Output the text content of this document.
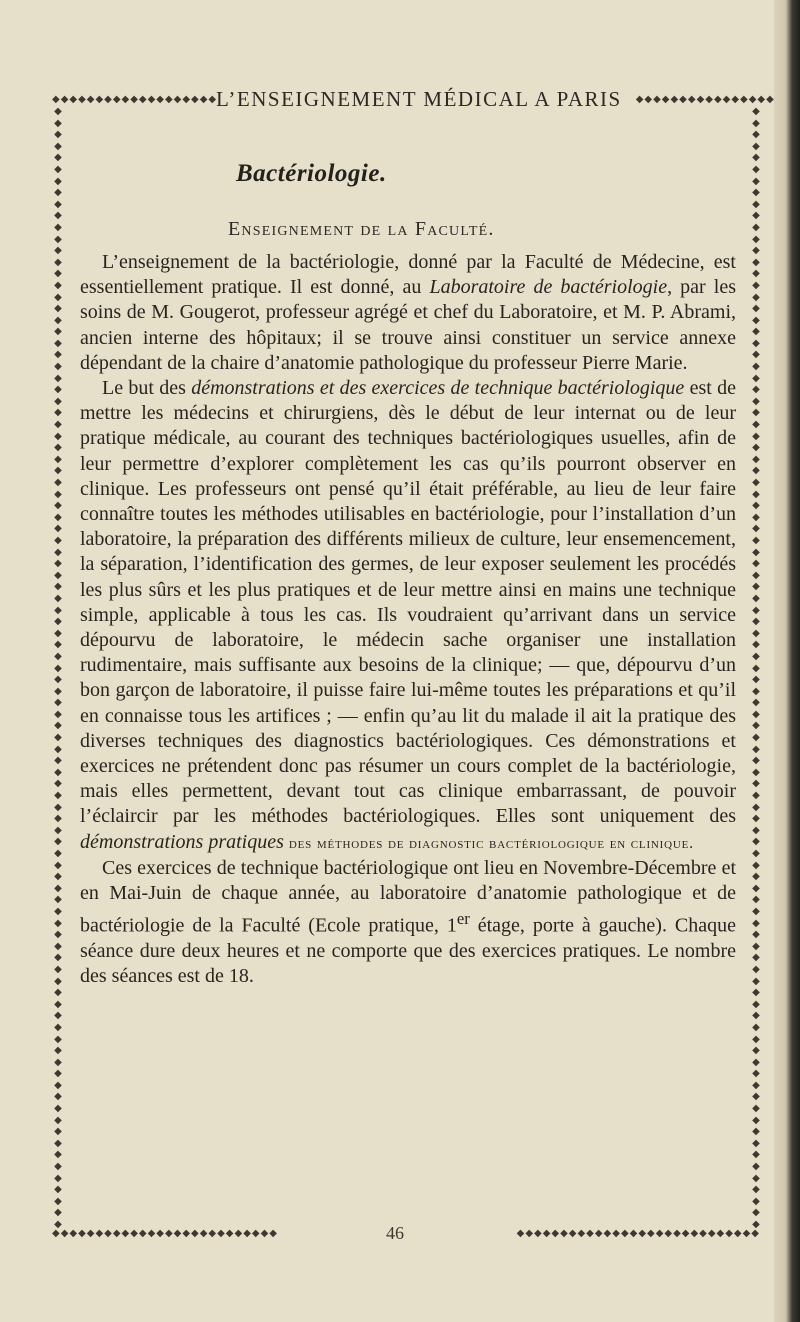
◆◆◆◆◆◆◆◆◆◆◆◆◆◆◆◆◆◆◆
L’ENSEIGNEMENT MÉDICAL A PARIS ◆◆◆◆◆◆◆◆◆◆◆◆◆◆◆◆
◆
◆
◆
◆
◆
◆
◆
◆
◆
◆
◆
◆
◆
◆
◆
◆
◆
◆
◆
◆
◆
◆
◆
◆
◆
◆
◆
◆
◆
◆
◆
◆
◆
◆
◆
◆
◆
◆
◆
◆
◆
◆
◆
◆
◆
◆
◆
◆
◆
◆
◆
◆
◆
◆
◆
◆
◆
◆
◆
◆
◆
◆
◆
◆
◆
◆
◆
◆
◆
◆
◆
◆
◆
◆
◆
◆
◆
◆
◆
◆
◆
◆
◆
◆
◆
◆
◆
◆
◆
◆
◆
◆
◆
◆
◆
◆
◆
◆
◆
◆
◆
◆
◆
◆
◆
◆
◆
◆
◆
◆
◆
◆
◆
◆
◆
◆
◆
◆
◆
◆
◆
◆
◆
◆
◆
◆
◆
◆
◆
◆
◆
◆
◆
◆
◆
◆
◆
◆
◆
◆
◆
◆
◆
◆
◆
◆
◆
◆
◆
◆
◆
◆
◆
◆
◆
◆
◆
◆
◆
◆
◆
◆
◆
◆
◆
◆
◆
◆
◆
◆
◆
◆
◆
◆
◆
◆
◆
◆
◆
◆
◆
◆
◆
◆
◆
◆
◆
◆
◆
◆
◆
◆
◆
◆
Bactériologie.
Enseignement de la Faculté.

L’enseignement de la bactériologie, donné par la Faculté de Médecine, est essentiellement pratique. Il est donné, au Laboratoire de bactériologie, par les soins de M. Gougerot, professeur agrégé et chef du Laboratoire, et M. P. Abrami, ancien interne des hôpitaux; il se trouve ainsi constituer un service annexe dépendant de la chaire d’anatomie pathologique du professeur Pierre Marie.

Le but des démonstrations et des exercices de technique bactériologique est de mettre les médecins et chirurgiens, dès le début de leur internat ou de leur pratique médicale, au courant des techniques bactériologiques usuelles, afin de leur permettre d’explorer complètement les cas qu’ils pourront observer en clinique. Les professeurs ont pensé qu’il était préférable, au lieu de leur faire connaître toutes les méthodes utilisables en bactériologie, pour l’installation d’un laboratoire, la préparation des différents milieux de culture, leur ensemencement, la séparation, l’identification des germes, de leur exposer seulement les procédés les plus sûrs et les plus pratiques et de leur mettre ainsi en mains une technique simple, applicable à tous les cas. Ils voudraient qu’arrivant dans un service dépourvu de laboratoire, le médecin sache organiser une installation rudimentaire, mais suffisante aux besoins de la clinique; — que, dépourvu d’un bon garçon de laboratoire, il puisse faire lui-même toutes les préparations et qu’il en connaisse tous les artifices ; — enfin qu’au lit du malade il ait la pratique des diverses techniques des diagnostics bactériologiques. Ces démonstrations et exercices ne prétendent donc pas résumer un cours complet de la bactériologie, mais elles permettent, devant tout cas clinique embarrassant, de pouvoir l’éclaircir par les méthodes bactériologiques. Elles sont uniquement des démonstrations pratiques des méthodes de diagnostic bactériologique en clinique.

Ces exercices de technique bactériologique ont lieu en Novembre-Décembre et en Mai-Juin de chaque année, au laboratoire d’anatomie pathologique et de bactériologie de la Faculté (Ecole pratique, 1er étage, porte à gauche). Chaque séance dure deux heures et ne comporte que des exercices pratiques. Le nombre des séances est de 18.

◆◆◆◆◆◆◆◆◆◆◆◆◆◆◆◆◆◆◆◆◆◆◆◆◆◆	46	◆◆◆◆◆◆◆◆◆◆◆◆◆◆◆◆◆◆◆◆◆◆◆◆◆◆◆◆
